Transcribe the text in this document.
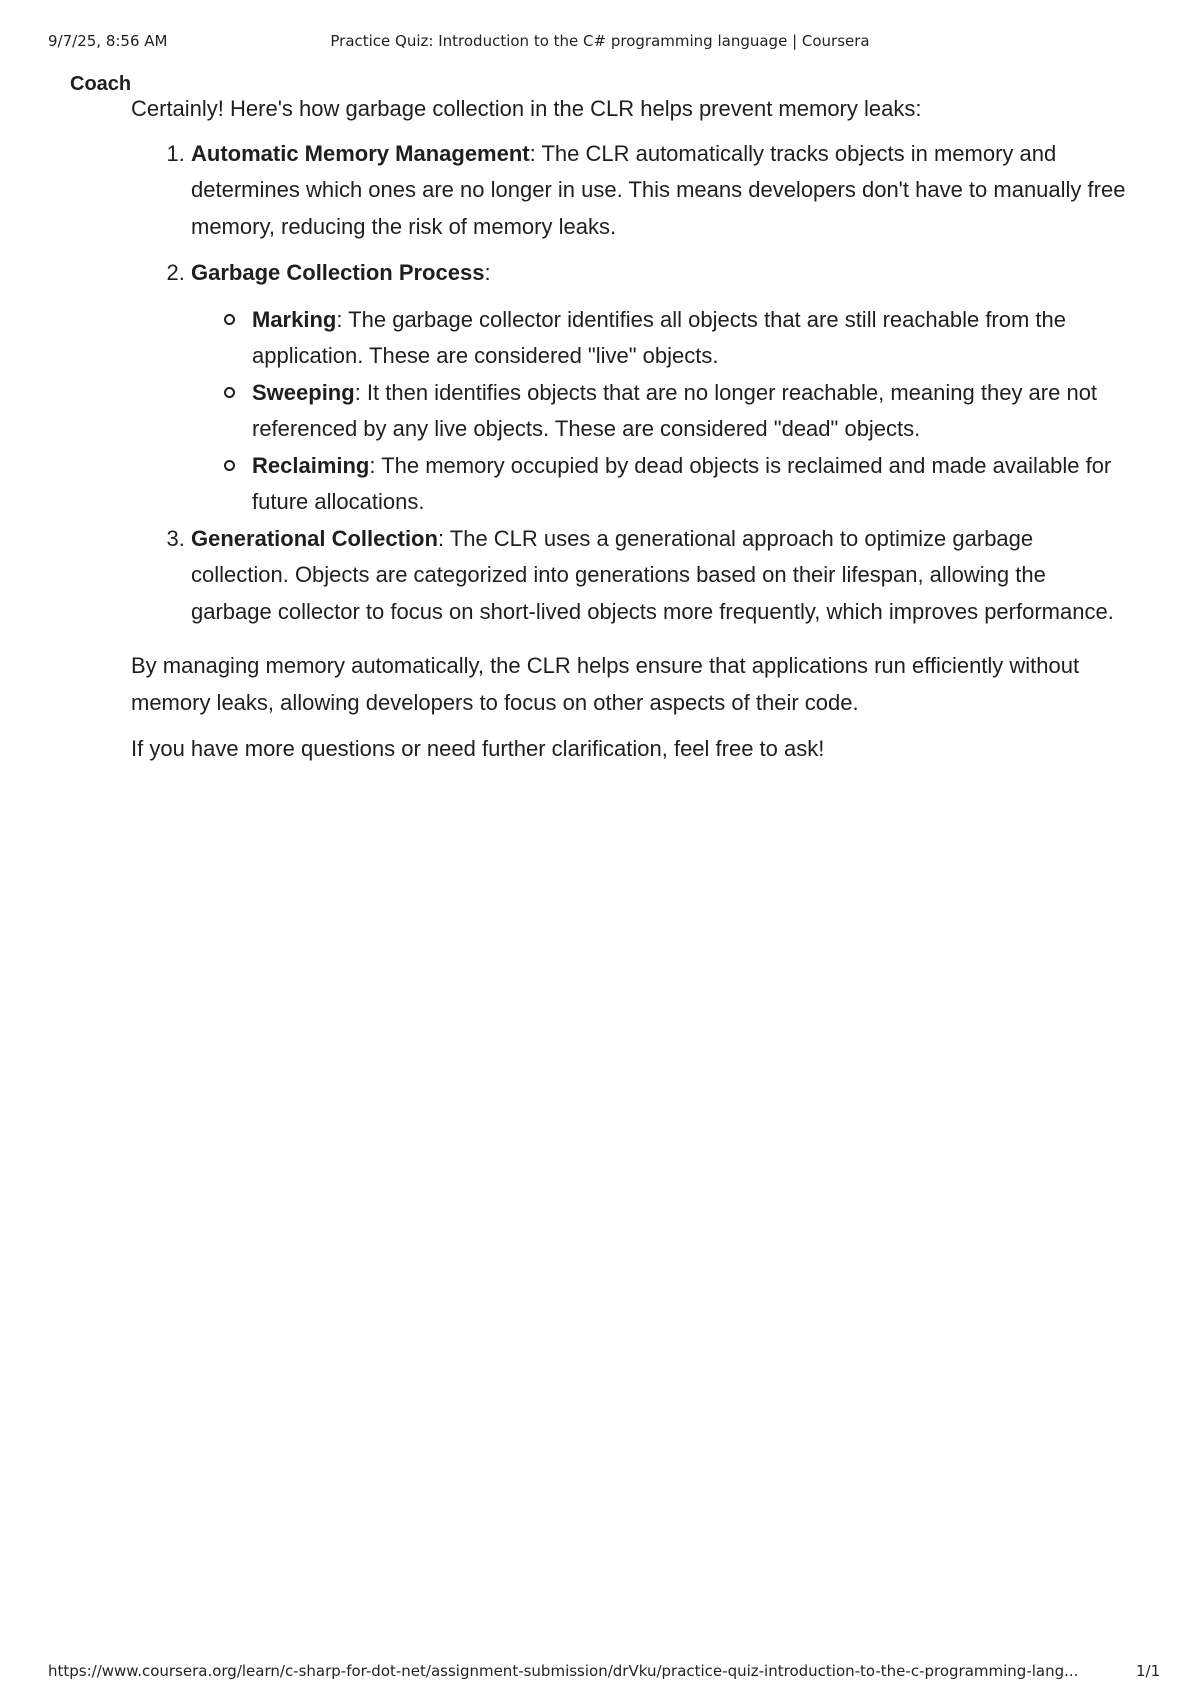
9/7/25, 8:56 AM	Practice Quiz: Introduction to the C# programming language | Coursera

Coach

Certainly! Here's how garbage collection in the CLR helps prevent memory leaks:

1. Automatic Memory Management: The CLR automatically tracks objects in memory and determines which ones are no longer in use. This means developers don't have to manually free memory, reducing the risk of memory leaks.
2. Garbage Collection Process:
Marking: The garbage collector identifies all objects that are still reachable from the application. These are considered "live" objects.
Sweeping: It then identifies objects that are no longer reachable, meaning they are not referenced by any live objects. These are considered "dead" objects.
Reclaiming: The memory occupied by dead objects is reclaimed and made available for future allocations.
3. Generational Collection: The CLR uses a generational approach to optimize garbage collection. Objects are categorized into generations based on their lifespan, allowing the garbage collector to focus on short-lived objects more frequently, which improves performance.

By managing memory automatically, the CLR helps ensure that applications run efficiently without memory leaks, allowing developers to focus on other aspects of their code.

If you have more questions or need further clarification, feel free to ask!

https://www.coursera.org/learn/c-sharp-for-dot-net/assignment-submission/drVku/practice-quiz-introduction-to-the-c-programming-lang...	1/1
